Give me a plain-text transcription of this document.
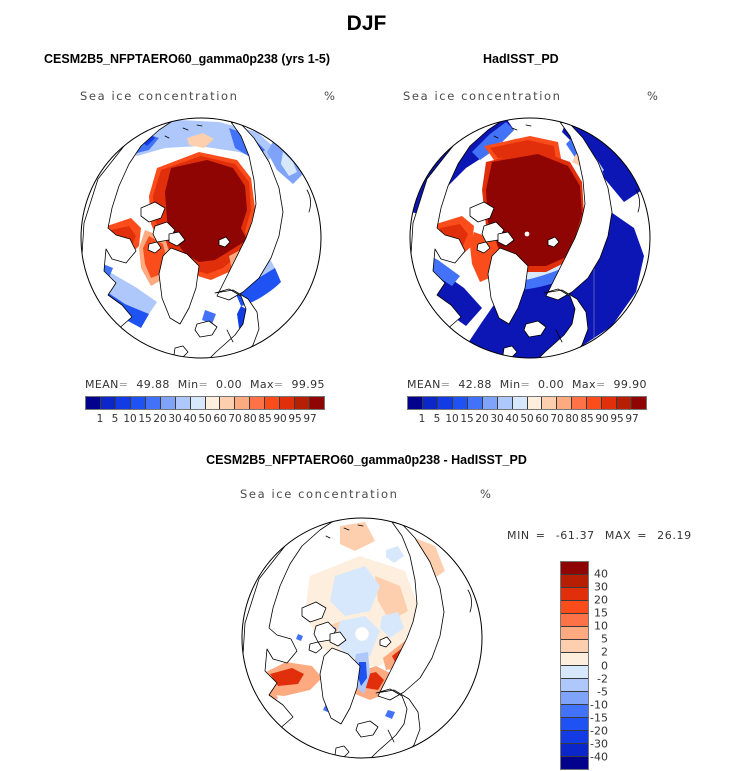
DJF
CESM2B5_NFPTAERO60_gamma0p238 (yrs 1-5)	HadISST_PD
Sea ice concentration	%	Sea ice concentration	%
MEAN= 49.88 Min= 0.00 Max= 99.95	MEAN= 42.88 Min= 0.00 Max= 99.90
1 5 10 15 20 30 40 50 60 70 80 85 90 95 97	1 5 10 15 20 30 40 50 60 70 80 85 90 95 97
CESM2B5_NFPTAERO60_gamma0p238 - HadISST_PD
Sea ice concentration	%
MIN = -61.37 MAX = 26.19
40
30
20
15
10
5
2
0
-2
-5
-10
-15
-20
-30
-40
